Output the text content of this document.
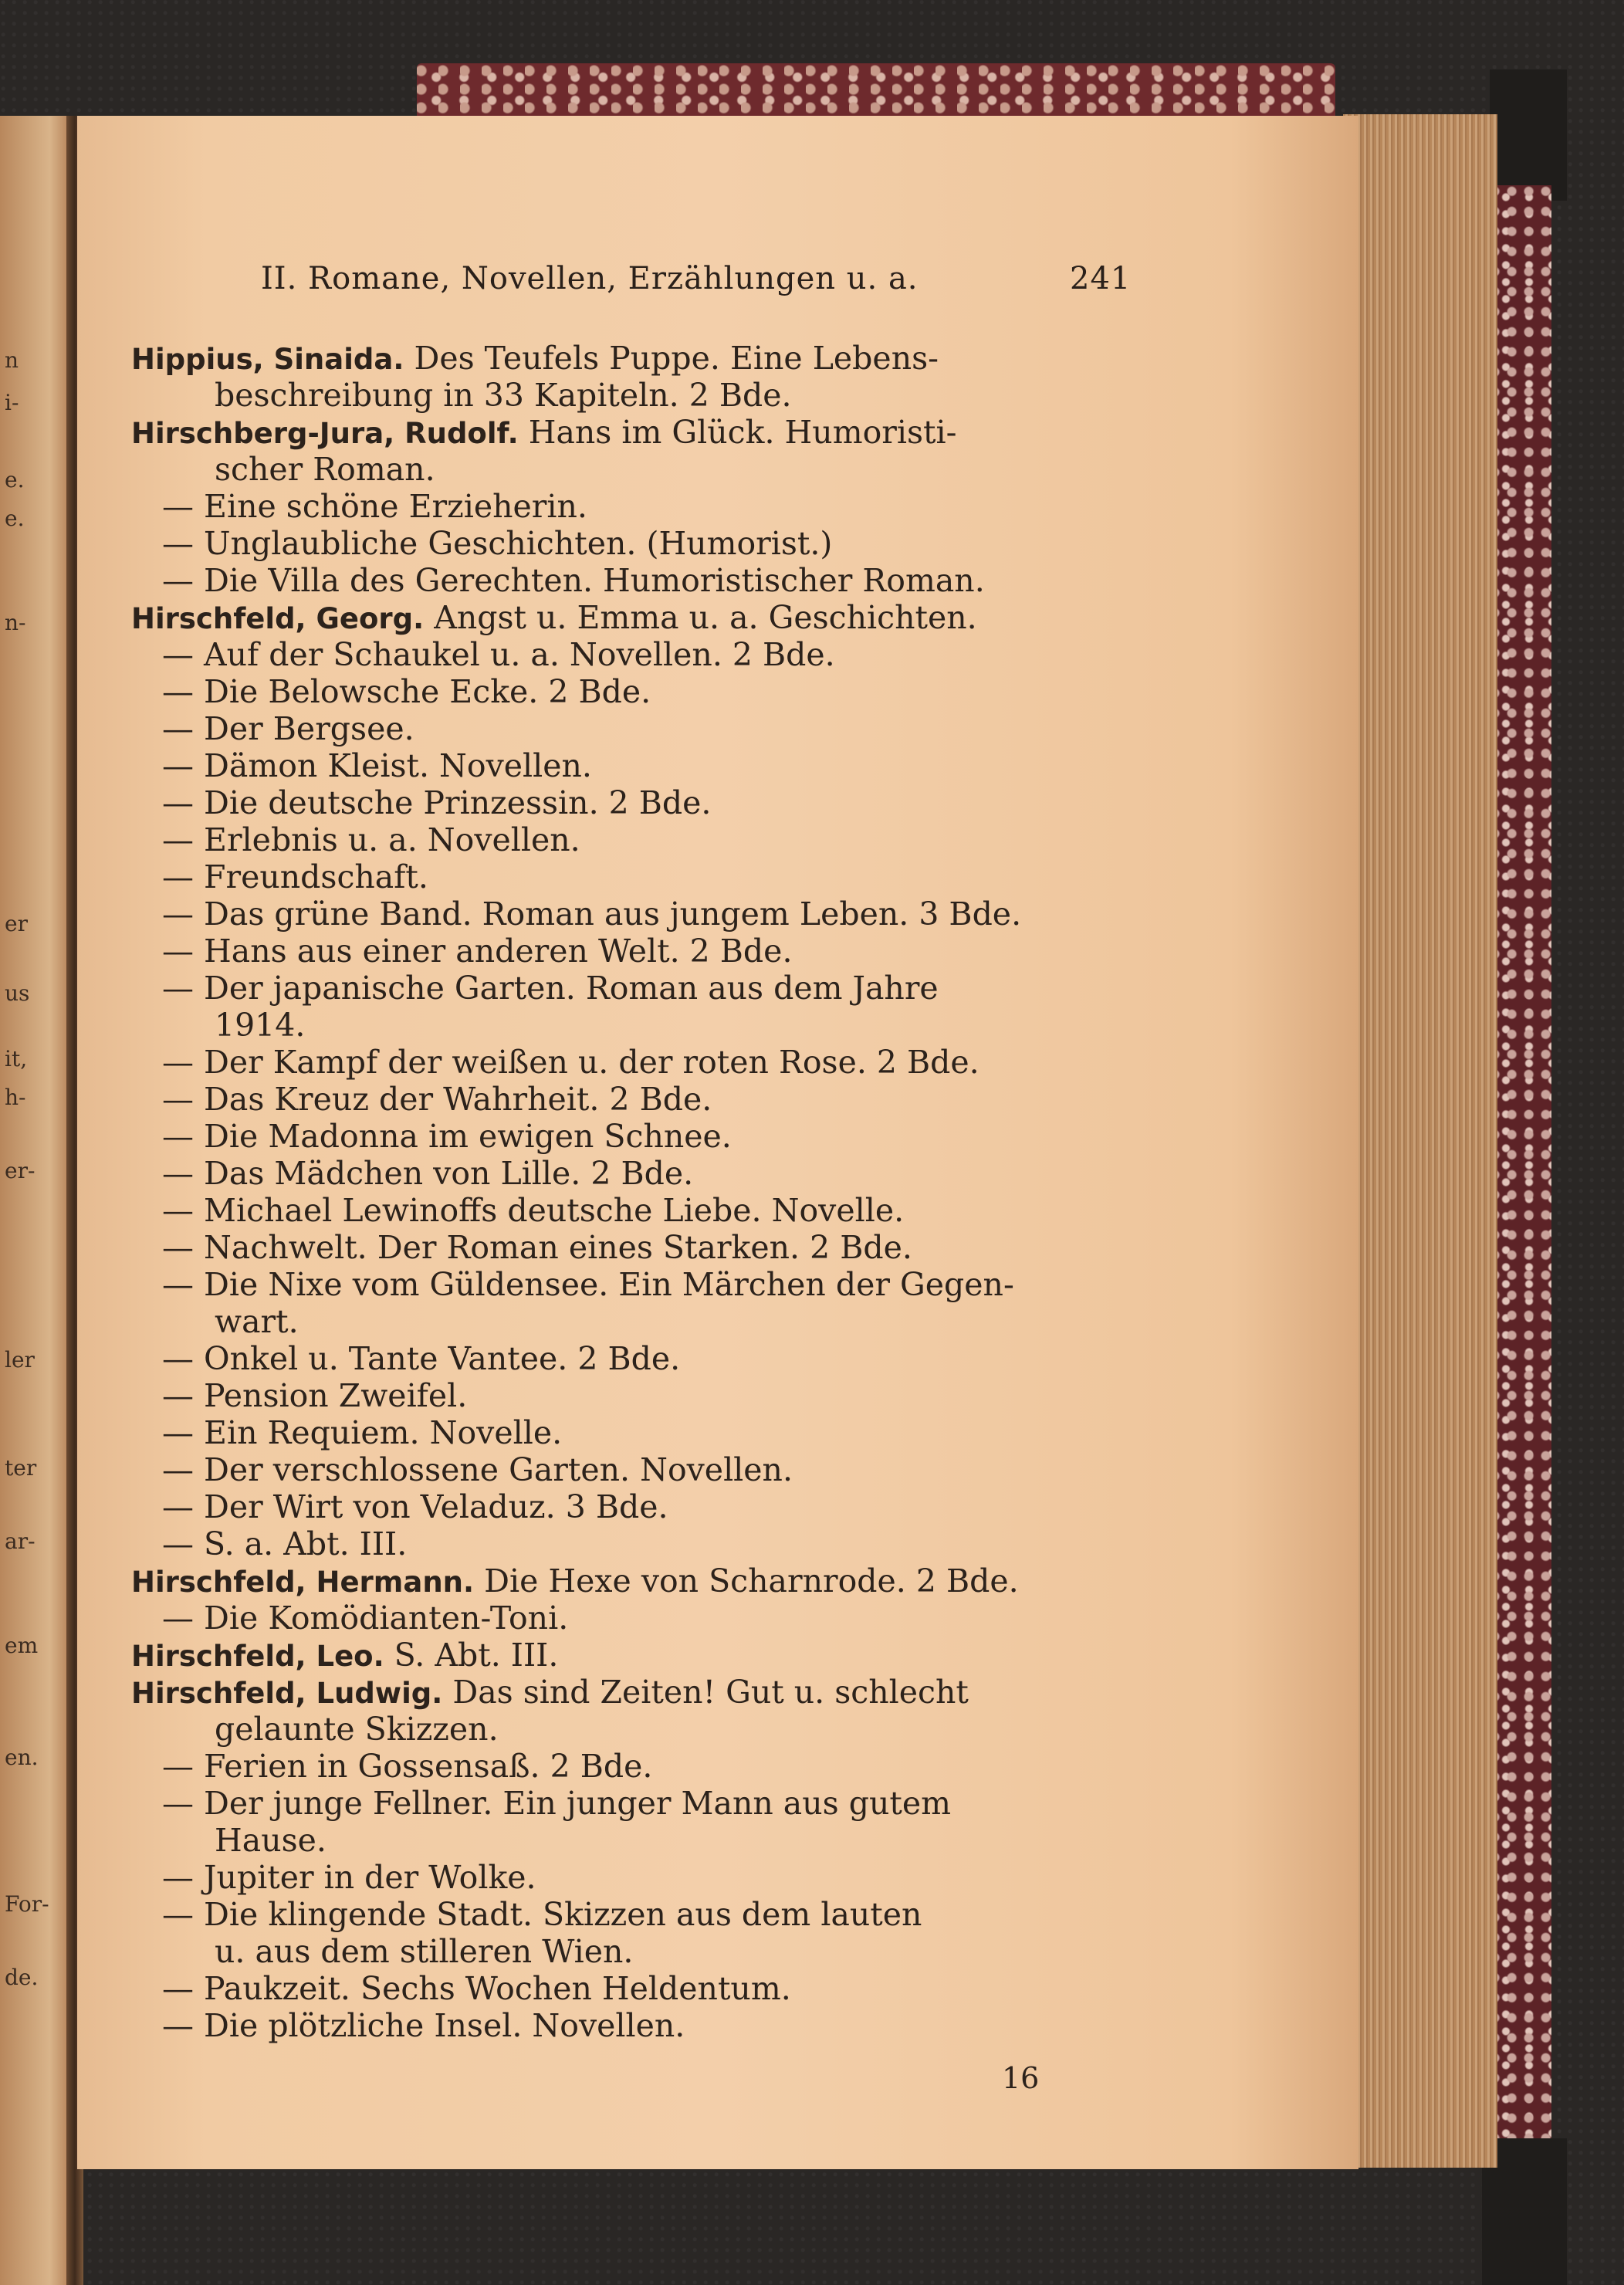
n
i-
e.
e.
n-
er
us
it,
h-
er-
ler
ter
ar-
em
en.
For-
de.
II. Romane, Novellen, Erzählungen u. a.	241
Hippius, Sinaida. Des Teufels Puppe. Eine Lebens-
beschreibung in 33 Kapiteln. 2 Bde.
Hirschberg-Jura, Rudolf. Hans im Glück. Humoristi-
scher Roman.
— Eine schöne Erzieherin.
— Unglaubliche Geschichten. (Humorist.)
— Die Villa des Gerechten. Humoristischer Roman.
Hirschfeld, Georg. Angst u. Emma u. a. Geschichten.
— Auf der Schaukel u. a. Novellen. 2 Bde.
— Die Belowsche Ecke. 2 Bde.
— Der Bergsee.
— Dämon Kleist. Novellen.
— Die deutsche Prinzessin. 2 Bde.
— Erlebnis u. a. Novellen.
— Freundschaft.
— Das grüne Band. Roman aus jungem Leben. 3 Bde.
— Hans aus einer anderen Welt. 2 Bde.
— Der japanische Garten. Roman aus dem Jahre
1914.
— Der Kampf der weißen u. der roten Rose. 2 Bde.
— Das Kreuz der Wahrheit. 2 Bde.
— Die Madonna im ewigen Schnee.
— Das Mädchen von Lille. 2 Bde.
— Michael Lewinoffs deutsche Liebe. Novelle.
— Nachwelt. Der Roman eines Starken. 2 Bde.
— Die Nixe vom Güldensee. Ein Märchen der Gegen-
wart.
— Onkel u. Tante Vantee. 2 Bde.
— Pension Zweifel.
— Ein Requiem. Novelle.
— Der verschlossene Garten. Novellen.
— Der Wirt von Veladuz. 3 Bde.
— S. a. Abt. III.
Hirschfeld, Hermann. Die Hexe von Scharnrode. 2 Bde.
— Die Komödianten-Toni.
Hirschfeld, Leo. S. Abt. III.
Hirschfeld, Ludwig. Das sind Zeiten! Gut u. schlecht
gelaunte Skizzen.
— Ferien in Gossensaß. 2 Bde.
— Der junge Fellner. Ein junger Mann aus gutem
Hause.
— Jupiter in der Wolke.
— Die klingende Stadt. Skizzen aus dem lauten
u. aus dem stilleren Wien.
— Paukzeit. Sechs Wochen Heldentum.
— Die plötzliche Insel. Novellen.
16
